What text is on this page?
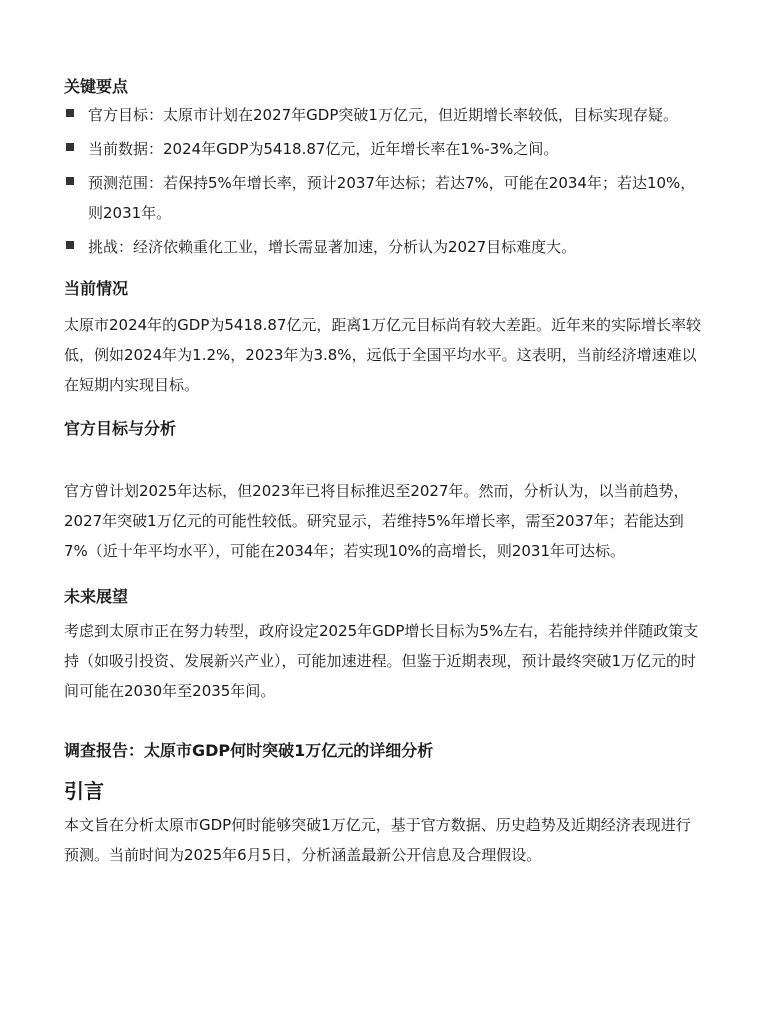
关键要点
官方目标：太原市计划在2027年GDP突破1万亿元，但近期增长率较低，目标实现存疑。
当前数据：2024年GDP为5418.87亿元，近年增长率在1%-3%之间。
预测范围：若保持5%年增长率，预计2037年达标；若达7%，可能在2034年；若达10%，则2031年。
挑战：经济依赖重化工业，增长需显著加速，分析认为2027目标难度大。
当前情况

太原市2024年的GDP为5418.87亿元，距离1万亿元目标尚有较大差距。近年来的实际增长率较低，例如2024年为1.2%，2023年为3.8%，远低于全国平均水平。这表明，当前经济增速难以在短期内实现目标。

官方目标与分析

官方曾计划2025年达标，但2023年已将目标推迟至2027年。然而，分析认为，以当前趋势，2027年突破1万亿元的可能性较低。研究显示，若维持5%年增长率，需至2037年；若能达到7%（近十年平均水平），可能在2034年；若实现10%的高增长，则2031年可达标。

未来展望

考虑到太原市正在努力转型，政府设定2025年GDP增长目标为5%左右，若能持续并伴随政策支持（如吸引投资、发展新兴产业），可能加速进程。但鉴于近期表现，预计最终突破1万亿元的时间可能在2030年至2035年间。

调查报告：太原市GDP何时突破1万亿元的详细分析
引言

本文旨在分析太原市GDP何时能够突破1万亿元，基于官方数据、历史趋势及近期经济表现进行预测。当前时间为2025年6月5日，分析涵盖最新公开信息及合理假设。
